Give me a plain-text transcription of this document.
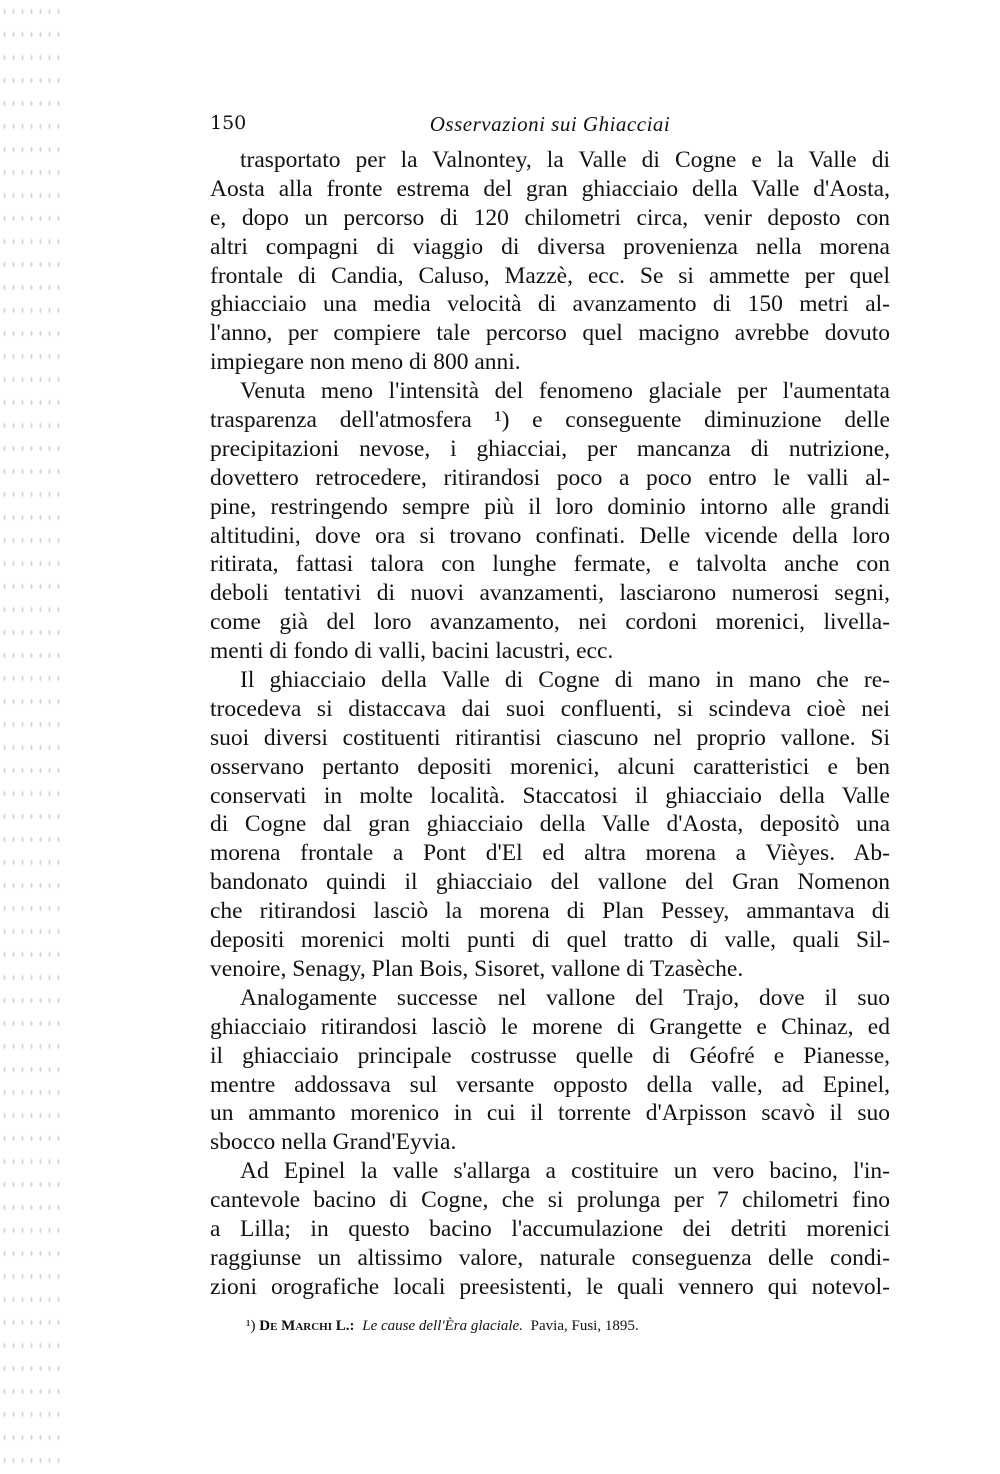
150	Osservazioni sui Ghiacciai
trasportato per la Valnontey, la Valle di Cogne e la Valle di
Aosta alla fronte estrema del gran ghiacciaio della Valle d'Aosta,
e, dopo un percorso di 120 chilometri circa, venir deposto con
altri compagni di viaggio di diversa provenienza nella morena
frontale di Candia, Caluso, Mazzè, ecc. Se si ammette per quel
ghiacciaio una media velocità di avanzamento di 150 metri al-
l'anno, per compiere tale percorso quel macigno avrebbe dovuto
impiegare non meno di 800 anni.
Venuta meno l'intensità del fenomeno glaciale per l'aumentata
trasparenza dell'atmosfera ¹) e conseguente diminuzione delle
precipitazioni nevose, i ghiacciai, per mancanza di nutrizione,
dovettero retrocedere, ritirandosi poco a poco entro le valli al-
pine, restringendo sempre più il loro dominio intorno alle grandi
altitudini, dove ora si trovano confinati. Delle vicende della loro
ritirata, fattasi talora con lunghe fermate, e talvolta anche con
deboli tentativi di nuovi avanzamenti, lasciarono numerosi segni,
come già del loro avanzamento, nei cordoni morenici, livella-
menti di fondo di valli, bacini lacustri, ecc.
Il ghiacciaio della Valle di Cogne di mano in mano che re-
trocedeva si distaccava dai suoi confluenti, si scindeva cioè nei
suoi diversi costituenti ritirantisi ciascuno nel proprio vallone. Si
osservano pertanto depositi morenici, alcuni caratteristici e ben
conservati in molte località. Staccatosi il ghiacciaio della Valle
di Cogne dal gran ghiacciaio della Valle d'Aosta, depositò una
morena frontale a Pont d'El ed altra morena a Vièyes. Ab-
bandonato quindi il ghiacciaio del vallone del Gran Nomenon
che ritirandosi lasciò la morena di Plan Pessey, ammantava di
depositi morenici molti punti di quel tratto di valle, quali Sil-
venoire, Senagy, Plan Bois, Sisoret, vallone di Tzasèche.
Analogamente successe nel vallone del Trajo, dove il suo
ghiacciaio ritirandosi lasciò le morene di Grangette e Chinaz, ed
il ghiacciaio principale costrusse quelle di Géofré e Pianesse,
mentre addossava sul versante opposto della valle, ad Epinel,
un ammanto morenico in cui il torrente d'Arpisson scavò il suo
sbocco nella Grand'Eyvia.
Ad Epinel la valle s'allarga a costituire un vero bacino, l'in-
cantevole bacino di Cogne, che si prolunga per 7 chilometri fino
a Lilla; in questo bacino l'accumulazione dei detriti morenici
raggiunse un altissimo valore, naturale conseguenza delle condi-
zioni orografiche locali preesistenti, le quali vennero qui notevol-
¹) De Marchi L.: Le cause dell'Èra glaciale. Pavia, Fusi, 1895.
